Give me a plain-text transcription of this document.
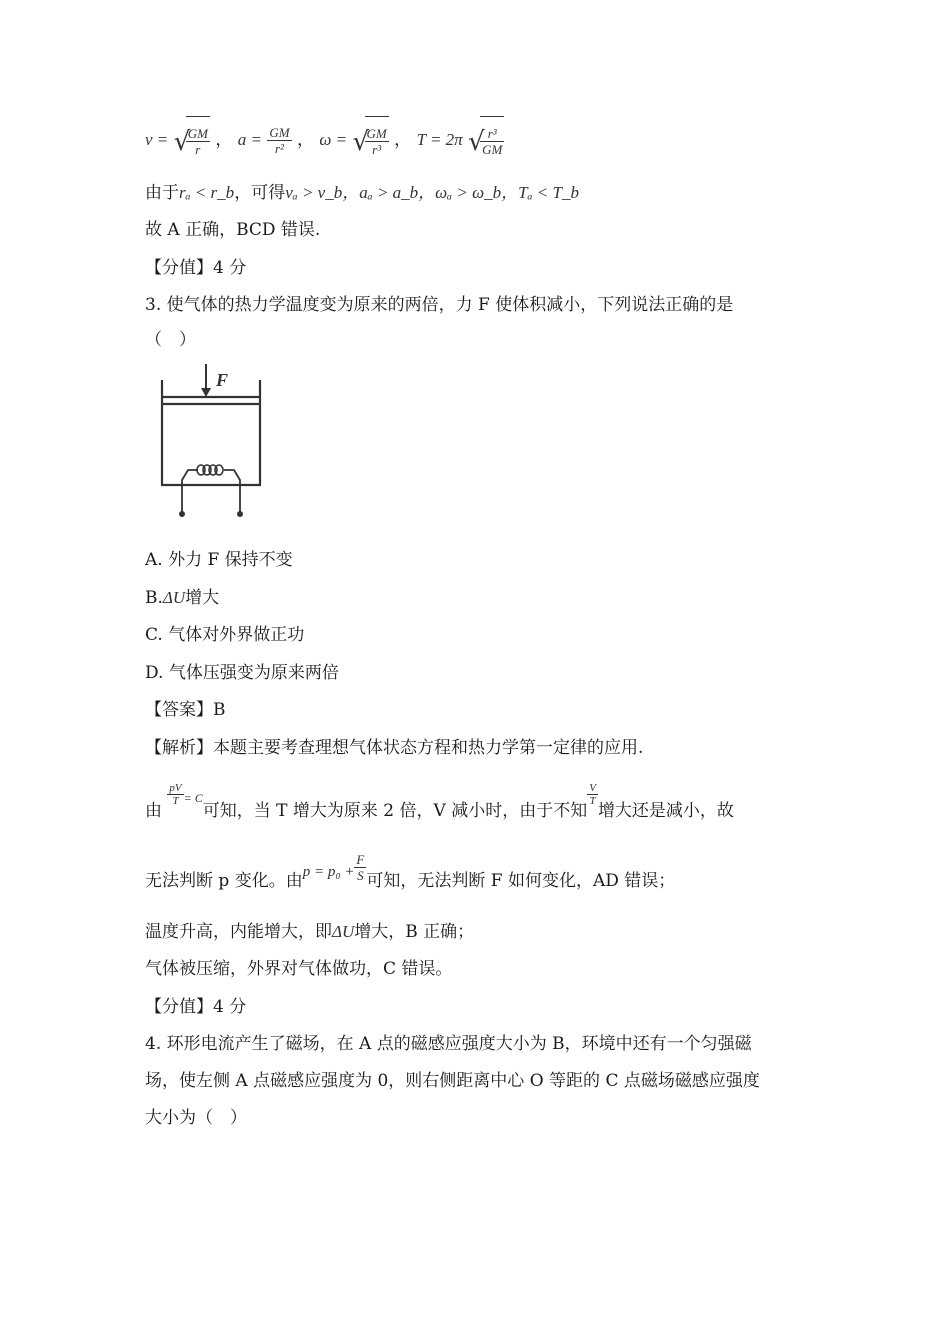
v = √ $\frac{GM}{r}$ ， $a = \frac{GM}{\text{r²}}$ ， ω = √ $\frac{GM}{\text{r³}}$ ， T = 2π √ $\frac{\text{r³}}{GM}$
由于rₐ < r_b，可得vₐ > v_b，aₐ > a_b，ωₐ > ω_b，Tₐ < T_b
故 A 正确，BCD 错误.
【分值】4 分
3. 使气体的热力学温度变为原来的两倍，力 F 使体积减小，下列说法正确的是
（　）
F
A. 外力 F 保持不变
B.ΔU增大
C. 气体对外界做正功
D. 气体压强变为原来两倍
【答案】B
【解析】本题主要考查理想气体状态方程和热力学第一定律的应用.
由
$\frac{pV}{T} ^{= C}$可知，当 T 增大为原来 2 倍，V 减小时，由于不知
$\frac{V}{T}$
增大还是减小，故
无法判断 p 变化。由$p = p_0 + \frac{F}{S}$ 可知，无法判断 F 如何变化，AD 错误；
温度升高，内能增大，即ΔU增大，B 正确；
气体被压缩，外界对气体做功，C 错误。
【分值】4 分
4. 环形电流产生了磁场，在 A 点的磁感应强度大小为 B，环境中还有一个匀强磁
场，使左侧 A 点磁感应强度为 0，则右侧距离中心 O 等距的 C 点磁场磁感应强度
大小为（　）
